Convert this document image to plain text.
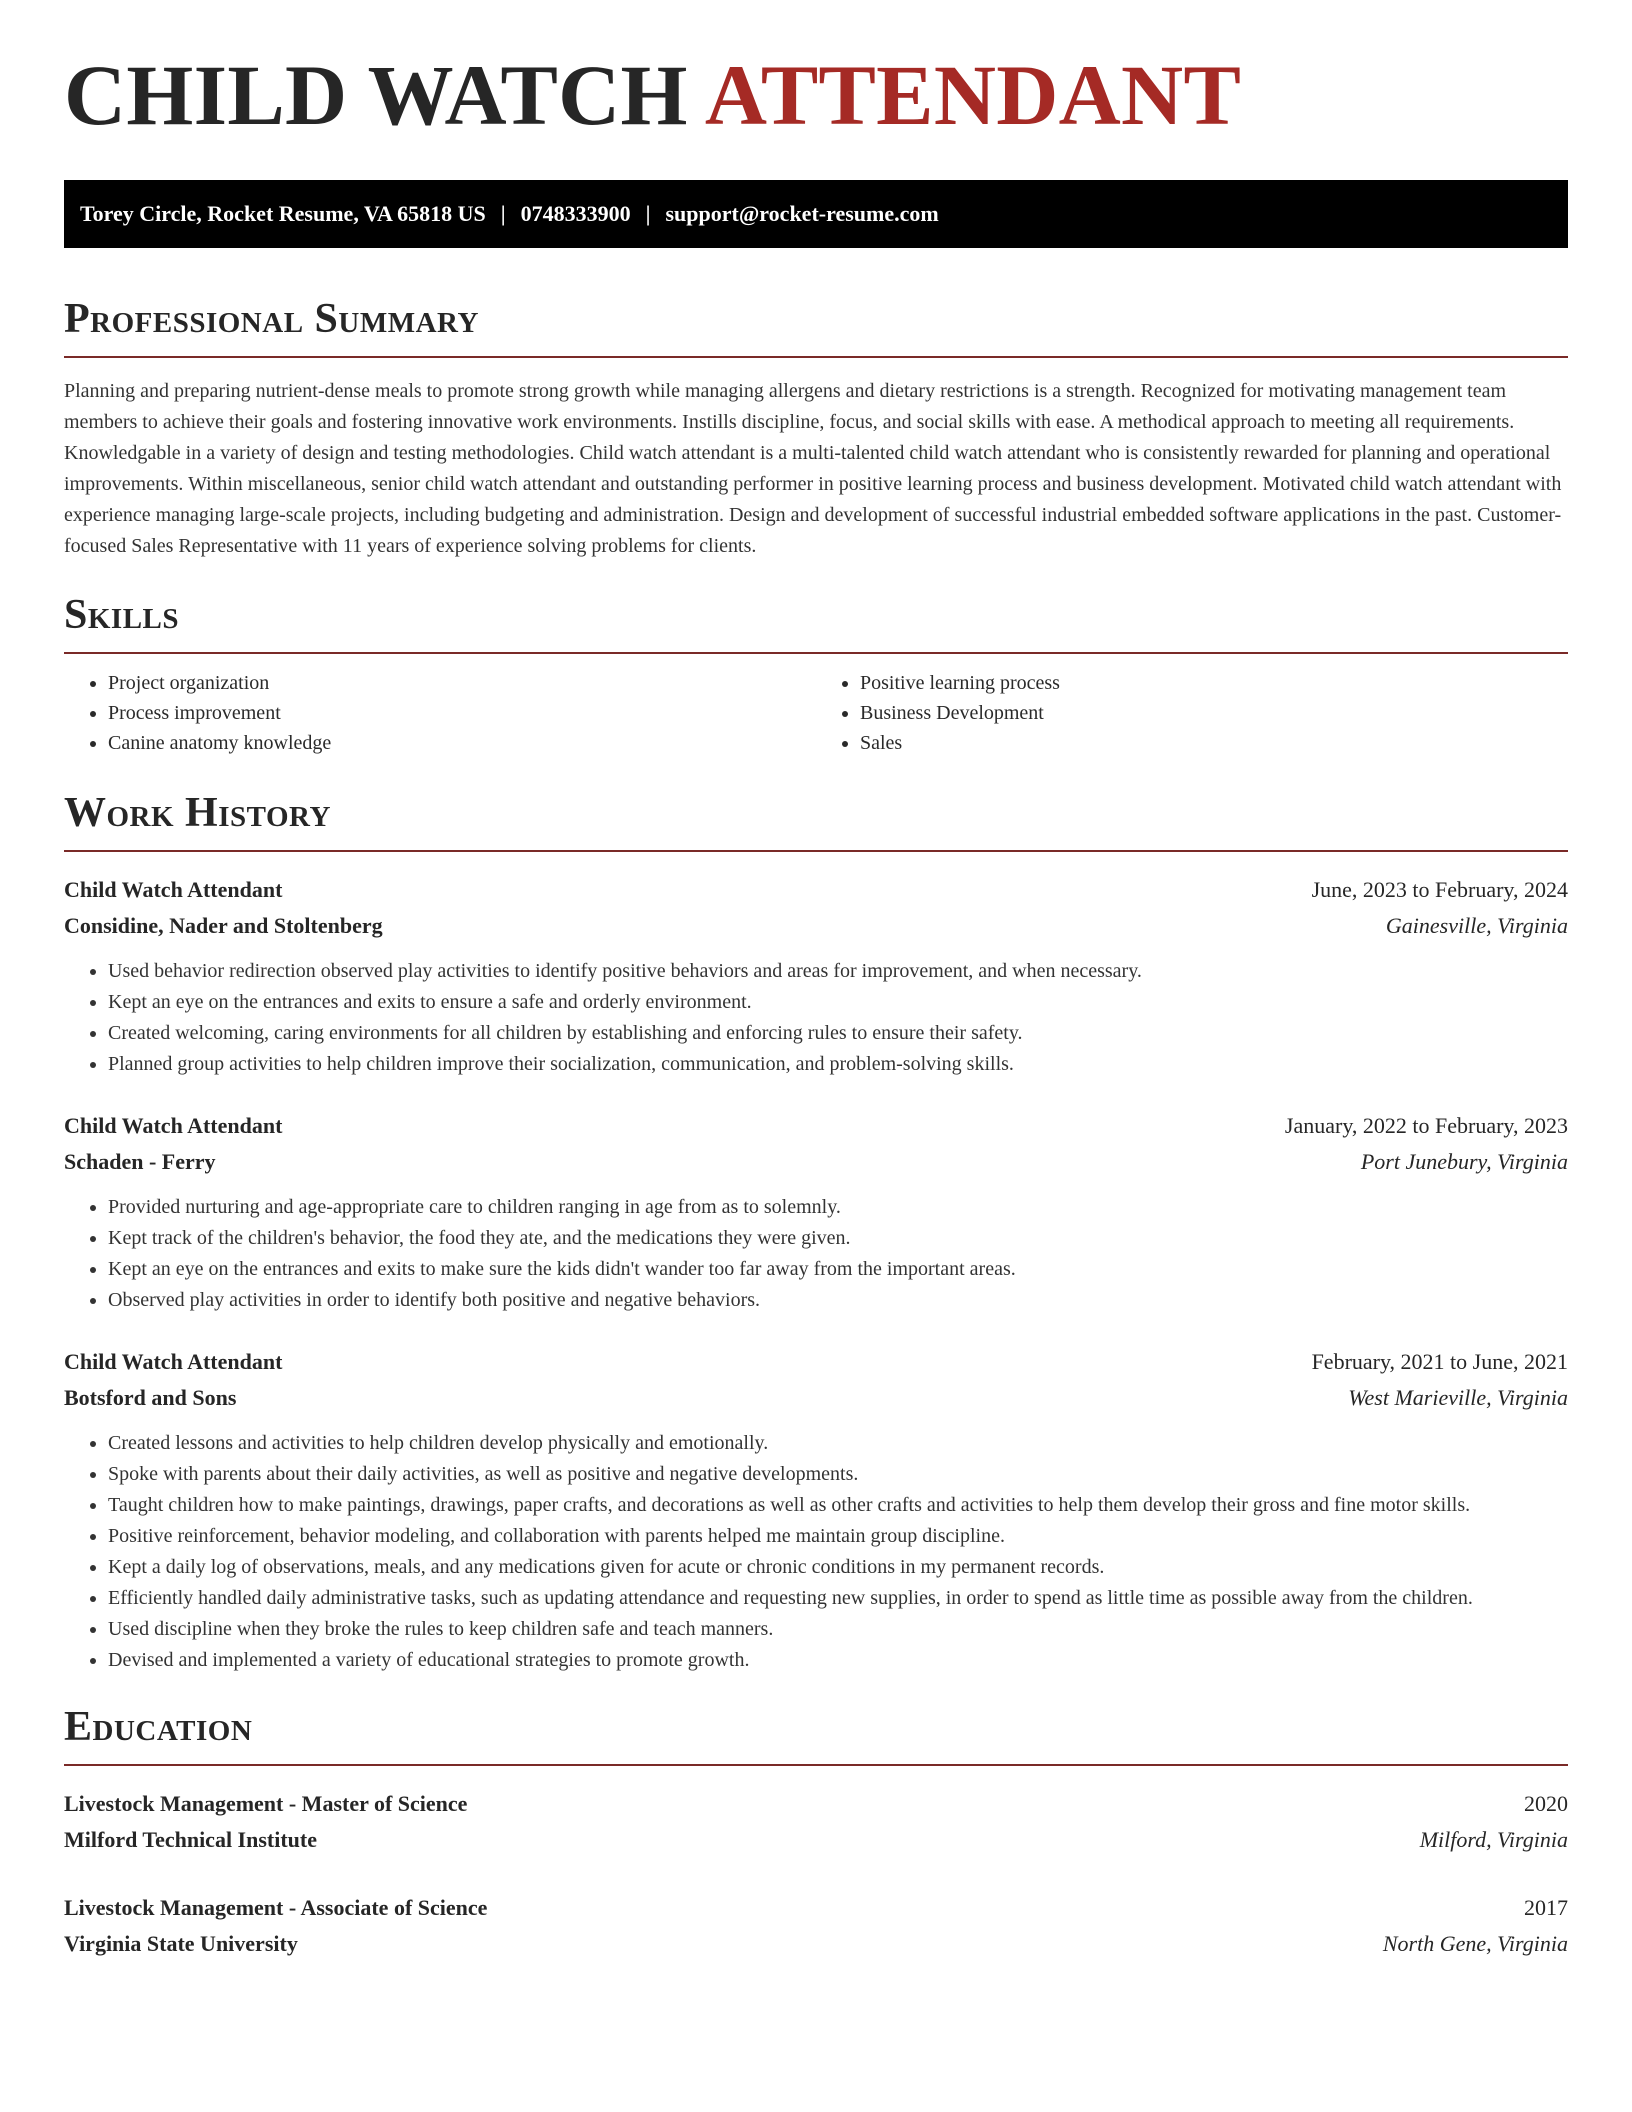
CHILD WATCH ATTENDANT
Torey Circle, Rocket Resume, VA 65818 US | 0748333900 | support@rocket-resume.com
Professional Summary

Planning and preparing nutrient-dense meals to promote strong growth while managing allergens and dietary restrictions is a strength. Recognized for motivating management team members to achieve their goals and fostering innovative work environments. Instills discipline, focus, and social skills with ease. A methodical approach to meeting all requirements. Knowledgable in a variety of design and testing methodologies. Child watch attendant is a multi-talented child watch attendant who is consistently rewarded for planning and operational improvements. Within miscellaneous, senior child watch attendant and outstanding performer in positive learning process and business development. Motivated child watch attendant with experience managing large-scale projects, including budgeting and administration. Design and development of successful industrial embedded software applications in the past. Customer-focused Sales Representative with 11 years of experience solving problems for clients.

Skills
• Project organization
• Process improvement
• Canine anatomy knowledge
• Positive learning process
• Business Development
• Sales
Work History
Child Watch Attendant	June, 2023 to February, 2024
Considine, Nader and Stoltenberg	Gainesville, Virginia
• Used behavior redirection observed play activities to identify positive behaviors and areas for improvement, and when necessary.
• Kept an eye on the entrances and exits to ensure a safe and orderly environment.
• Created welcoming, caring environments for all children by establishing and enforcing rules to ensure their safety.
• Planned group activities to help children improve their socialization, communication, and problem-solving skills.
Child Watch Attendant	January, 2022 to February, 2023
Schaden - Ferry	Port Junebury, Virginia
• Provided nurturing and age-appropriate care to children ranging in age from as to solemnly.
• Kept track of the children's behavior, the food they ate, and the medications they were given.
• Kept an eye on the entrances and exits to make sure the kids didn't wander too far away from the important areas.
• Observed play activities in order to identify both positive and negative behaviors.
Child Watch Attendant	February, 2021 to June, 2021
Botsford and Sons	West Marieville, Virginia
• Created lessons and activities to help children develop physically and emotionally.
• Spoke with parents about their daily activities, as well as positive and negative developments.
• Taught children how to make paintings, drawings, paper crafts, and decorations as well as other crafts and activities to help them develop their gross and fine motor skills.
• Positive reinforcement, behavior modeling, and collaboration with parents helped me maintain group discipline.
• Kept a daily log of observations, meals, and any medications given for acute or chronic conditions in my permanent records.
• Efficiently handled daily administrative tasks, such as updating attendance and requesting new supplies, in order to spend as little time as possible away from the children.
• Used discipline when they broke the rules to keep children safe and teach manners.
• Devised and implemented a variety of educational strategies to promote growth.
Education
Livestock Management - Master of Science	2020
Milford Technical Institute	Milford, Virginia
Livestock Management - Associate of Science	2017
Virginia State University	North Gene, Virginia
